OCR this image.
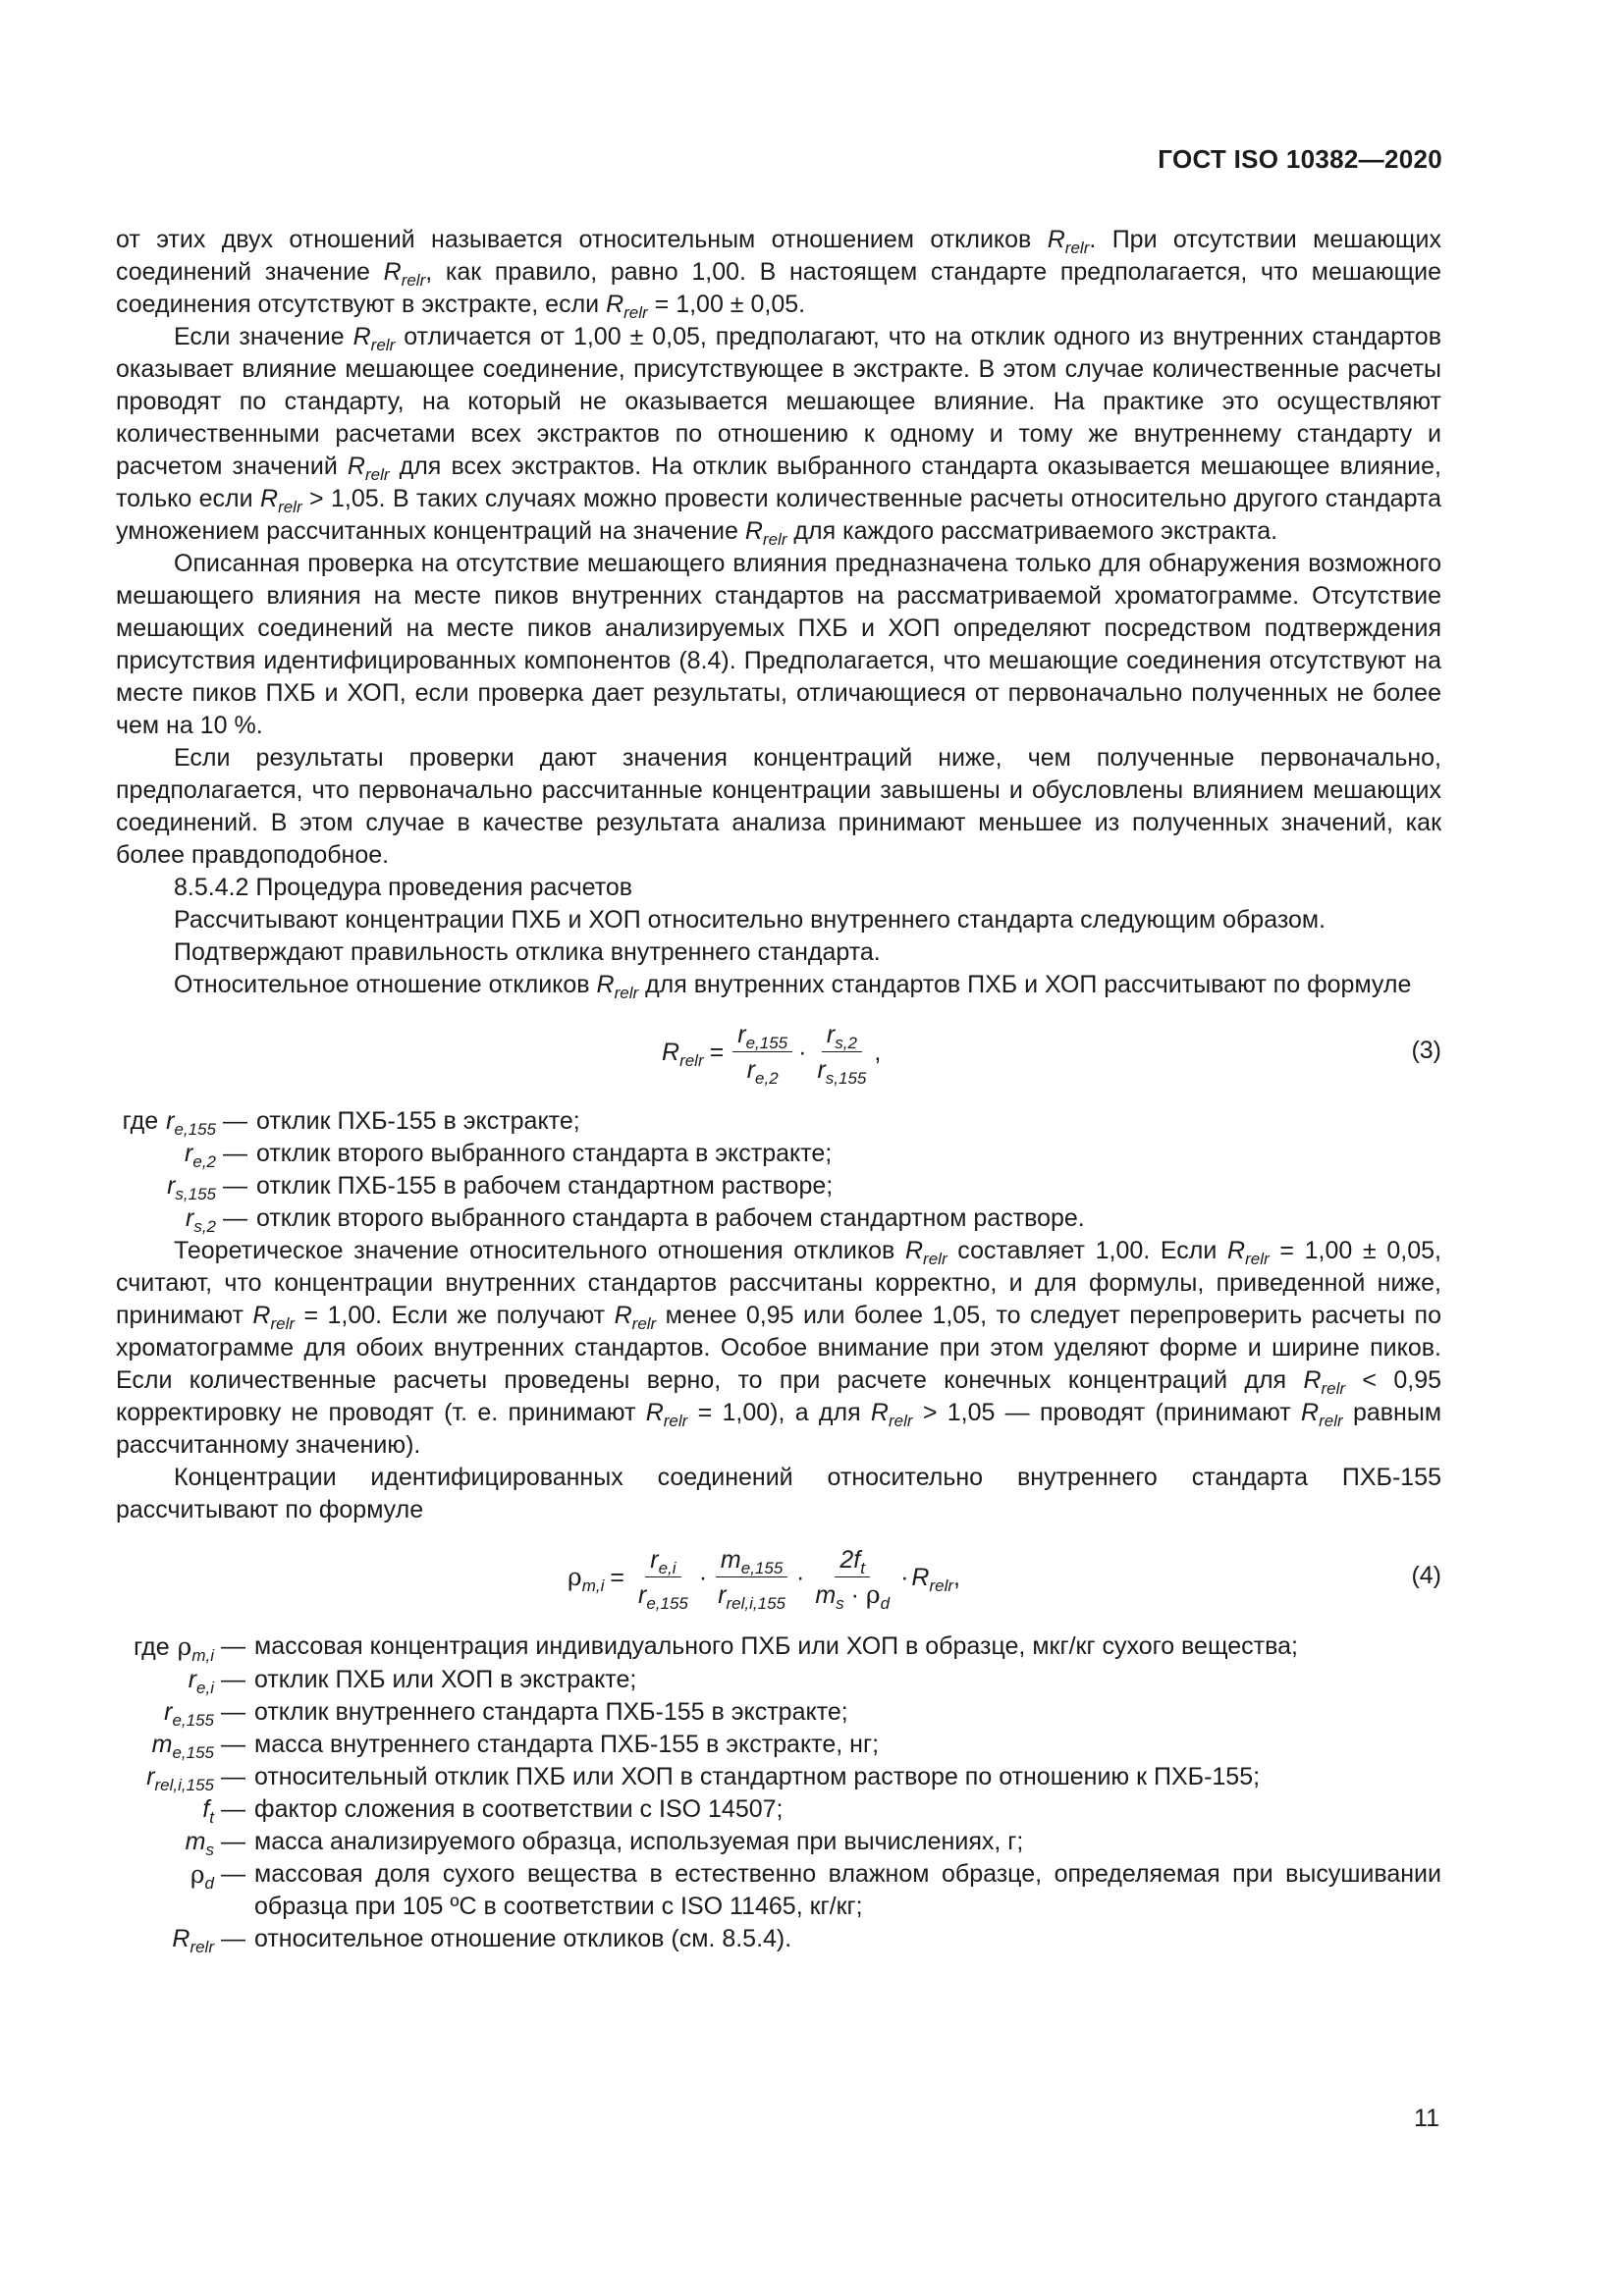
ГОСТ ISO 10382—2020

от этих двух отношений называется относительным отношением откликов $R_{relr}$. При отсутствии мешающих соединений значение $R_{relr}$, как правило, равно 1,00. В настоящем стандарте предполагается, что мешающие соединения отсутствуют в экстракте, если $R_{relr} = 1,00 \pm 0,05$.

Если значение $R_{relr}$ отличается от 1,00 ± 0,05, предполагают, что на отклик одного из внутренних стандартов оказывает влияние мешающее соединение, присутствующее в экстракте. В этом случае количественные расчеты проводят по стандарту, на который не оказывается мешающее влияние. На практике это осуществляют количественными расчетами всех экстрактов по отношению к одному и тому же внутреннему стандарту и расчетом значений $R_{relr}$ для всех экстрактов. На отклик выбранного стандарта оказывается мешающее влияние, только если $R_{relr} > 1,05$. В таких случаях можно провести количественные расчеты относительно другого стандарта умножением рассчитанных концентраций на значение $R_{relr}$ для каждого рассматриваемого экстракта.

Описанная проверка на отсутствие мешающего влияния предназначена только для обнаружения возможного мешающего влияния на месте пиков внутренних стандартов на рассматриваемой хроматограмме. Отсутствие мешающих соединений на месте пиков анализируемых ПХБ и ХОП определяют посредством подтверждения присутствия идентифицированных компонентов (8.4). Предполагается, что мешающие соединения отсутствуют на месте пиков ПХБ и ХОП, если проверка дает результаты, отличающиеся от первоначально полученных не более чем на 10 %.

Если результаты проверки дают значения концентраций ниже, чем полученные первоначально, предполагается, что первоначально рассчитанные концентрации завышены и обусловлены влиянием мешающих соединений. В этом случае в качестве результата анализа принимают меньшее из полученных значений, как более правдоподобное.

8.5.4.2 Процедура проведения расчетов

Рассчитывают концентрации ПХБ и ХОП относительно внутреннего стандарта следующим образом.

Подтверждают правильность отклика внутреннего стандарта.

Относительное отношение откликов $R_{relr}$ для внутренних стандартов ПХБ и ХОП рассчитывают по формуле

$R_{relr} = \frac{r_{e,155}}{r_{e,2}} \cdot \frac{r_{s,2}}{r_{s,155}}$ ,	(3)
где $r_{e,155}$ — отклик ПХБ-155 в экстракте;
$r_{e,2}$ — отклик второго выбранного стандарта в экстракте;
$r_{s,155}$ — отклик ПХБ-155 в рабочем стандартном растворе;
$r_{s,2}$ — отклик второго выбранного стандарта в рабочем стандартном растворе.

Теоретическое значение относительного отношения откликов $R_{relr}$ составляет 1,00. Если $R_{relr} = 1,00 \pm 0,05$, считают, что концентрации внутренних стандартов рассчитаны корректно, и для формулы, приведенной ниже, принимают $R_{relr} = 1,00$. Если же получают $R_{relr}$ менее 0,95 или более 1,05, то следует перепроверить расчеты по хроматограмме для обоих внутренних стандартов. Особое внимание при этом уделяют форме и ширине пиков. Если количественные расчеты проведены верно, то при расчете конечных концентраций для $R_{relr} < 0,95$ корректировку не проводят (т. е. принимают $R_{relr} = 1,00$), а для $R_{relr} > 1,05$ — проводят (принимают $R_{relr}$ равным рассчитанному значению).

Концентрации идентифицированных соединений относительно внутреннего стандарта ПХБ-155 рассчитывают по формуле

$\rho_{m,i} = \frac{r_{e,i}}{r_{e,155}} \cdot \frac{m_{e,155}}{r_{rel,i,155}} \cdot \frac{2f_t}{m_s \cdot \rho_d} \cdot R_{relr}$ ,	(4)
где $\rho_{m,i}$ — массовая концентрация индивидуального ПХБ или ХОП в образце, мкг/кг сухого вещества;
$r_{e,i}$ — отклик ПХБ или ХОП в экстракте;
$r_{e,155}$ — отклик внутреннего стандарта ПХБ-155 в экстракте;
$m_{e,155}$ — масса внутреннего стандарта ПХБ-155 в экстракте, нг;
$r_{rel,i,155}$ — относительный отклик ПХБ или ХОП в стандартном растворе по отношению к ПХБ-155;
$f_t$ — фактор сложения в соответствии с ISO 14507;
$m_s$ — масса анализируемого образца, используемая при вычислениях, г;
$\rho_d$ — массовая доля сухого вещества в естественно влажном образце, определяемая при высушивании образца при 105 ºС в соответствии с ISO 11465, кг/кг;
$R_{relr}$ — относительное отношение откликов (см. 8.5.4).
11
